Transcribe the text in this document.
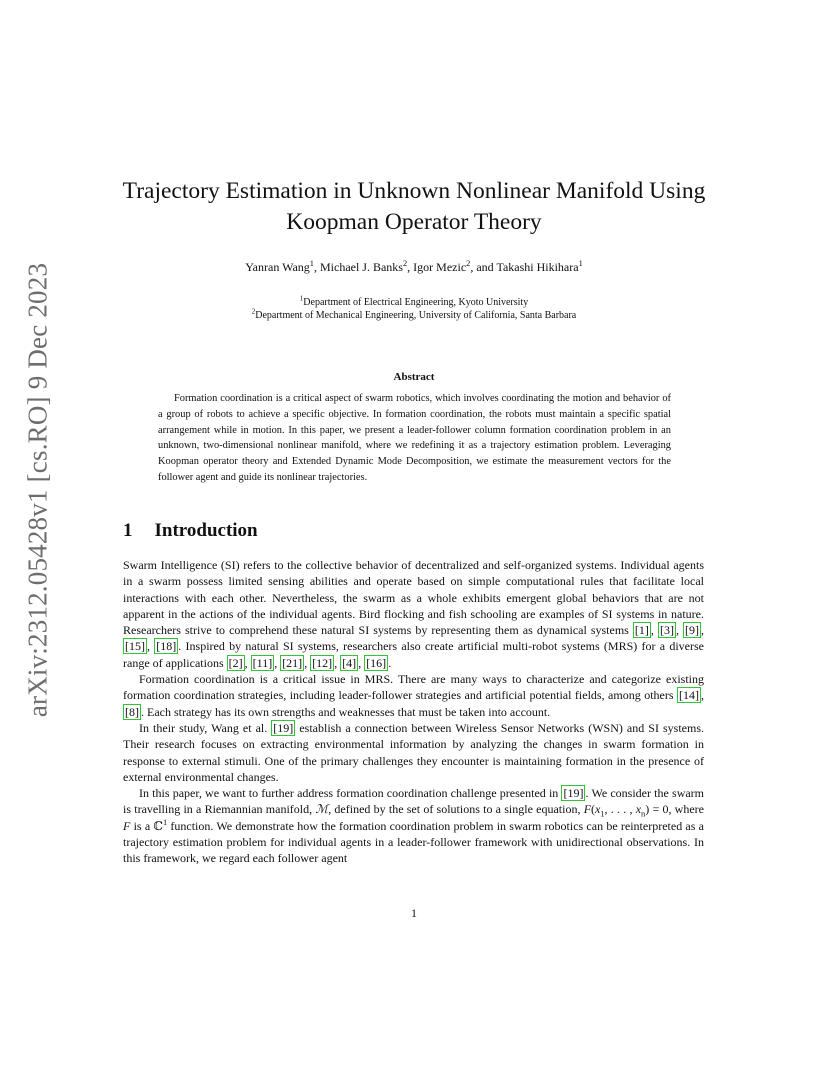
arXiv:2312.05428v1 [cs.RO] 9 Dec 2023
Trajectory Estimation in Unknown Nonlinear Manifold Using
Koopman Operator Theory
Yanran Wang$^1$, Michael J. Banks$^2$, Igor Mezic$^2$, and Takashi Hikihara$^1$
$^1$Department of Electrical Engineering, Kyoto University
$^2$Department of Mechanical Engineering, University of California, Santa Barbara
Abstract

Formation coordination is a critical aspect of swarm robotics, which involves coordinating the motion and behavior of a group of robots to achieve a specific objective. In formation coordination, the robots must maintain a specific spatial arrangement while in motion. In this paper, we present a leader-follower column formation coordination problem in an unknown, two-dimensional nonlinear manifold, where we redefining it as a trajectory estimation problem. Leveraging Koopman operator theory and Extended Dynamic Mode Decomposition, we estimate the measurement vectors for the follower agent and guide its nonlinear trajectories.

1 Introduction

Swarm Intelligence (SI) refers to the collective behavior of decentralized and self-organized systems. Individual agents in a swarm possess limited sensing abilities and operate based on simple computational rules that facilitate local interactions with each other. Nevertheless, the swarm as a whole exhibits emergent global behaviors that are not apparent in the actions of the individual agents. Bird flocking and fish schooling are examples of SI systems in nature. Researchers strive to comprehend these natural SI systems by representing them as dynamical systems [1] , [3] , [9] , [15] , [18] . Inspired by natural SI systems, researchers also create artificial multi-robot systems (MRS) for a diverse range of applications [2] , [11] , [21] , [12] , [4] , [16] .

Formation coordination is a critical issue in MRS. There are many ways to characterize and categorize existing formation coordination strategies, including leader-follower strategies and artificial potential fields, among others [14] , [8] . Each strategy has its own strengths and weaknesses that must be taken into account.

In their study, Wang et al. [19] establish a connection between Wireless Sensor Networks (WSN) and SI systems. Their research focuses on extracting environmental information by analyzing the changes in swarm formation in response to external stimuli. One of the primary challenges they encounter is maintaining formation in the presence of external environmental changes.

In this paper, we want to further address formation coordination challenge presented in [19] . We consider the swarm is travelling in a Riemannian manifold, ℳ, defined by the set of solutions to a single equation, $F(x_1$, . . . , $x_n) = 0$, where F is a ℂ$^1$ function. We demonstrate how the formation coordination problem in swarm robotics can be reinterpreted as a trajectory estimation problem for individual agents in a leader-follower framework with unidirectional observations. In this framework, we regard each follower agent

1
